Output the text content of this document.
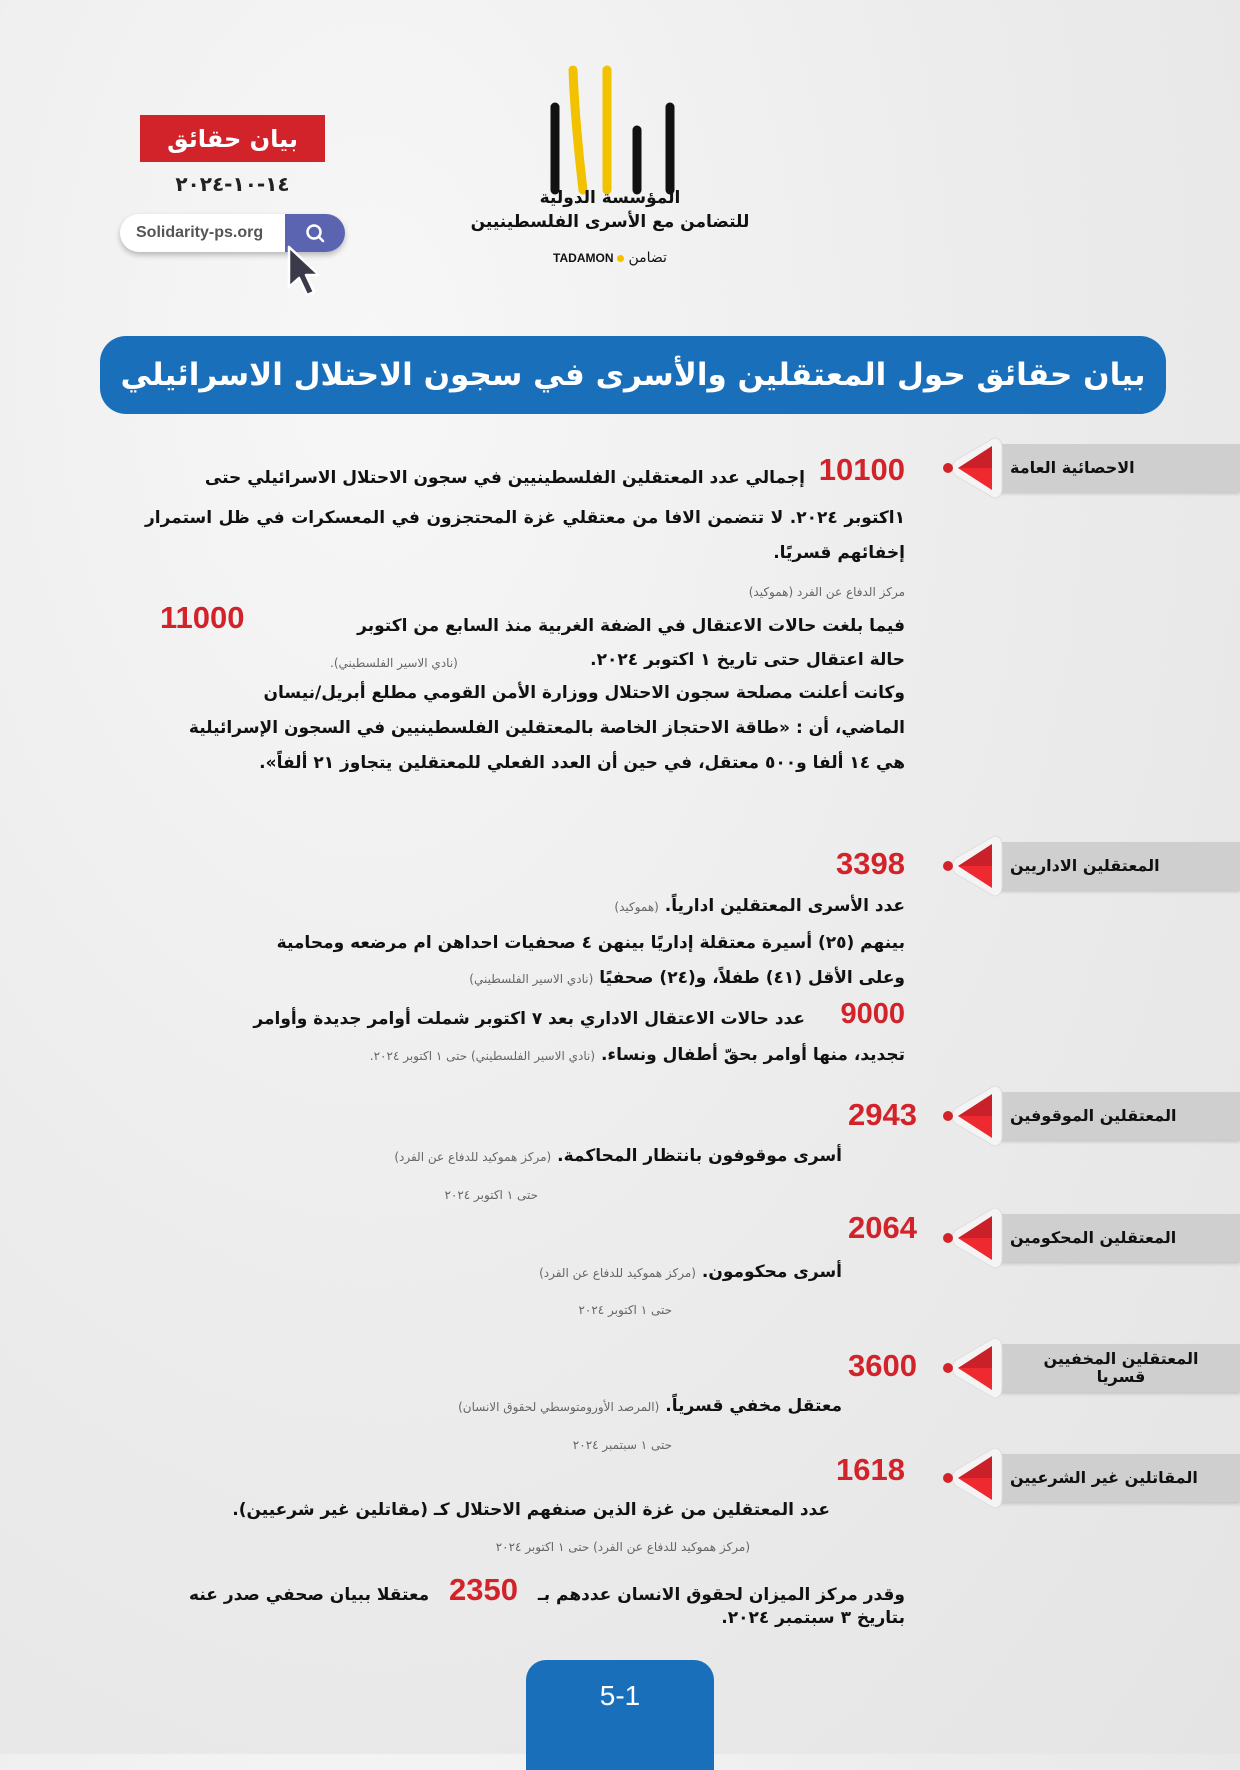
بيان حقائق
١٤-١٠-٢٠٢٤
Solidarity-ps.org
المؤسسة الدولية
للتضامن مع الأسرى الفلسطينيين
TADAMON تضامن
بيان حقائق حول المعتقلين والأسرى في سجون الاحتلال الاسرائيلي
الاحصائية العامة
10100
إجمالي عدد المعتقلين الفلسطينيين في سجون الاحتلال الاسرائيلي حتى
١اكتوبر ٢٠٢٤. لا تتضمن الافا من معتقلي غزة المحتجزون في المعسكرات في ظل استمرار
إخفائهم قسريًا.
مركز الدفاع عن الفرد (هموكيد)
11000	فيما بلغت حالات الاعتقال في الضفة الغربية منذ السابع من اكتوبر
حالة اعتقال حتى تاريخ ١ اكتوبر ٢٠٢٤.
(نادي الاسير الفلسطيني).
وكانت أعلنت مصلحة سجون الاحتلال ووزارة الأمن القومي مطلع أبريل/نيسان
الماضي، أن : «طاقة الاحتجاز الخاصة بالمعتقلين الفلسطينيين في السجون الإسرائيلية
هي ١٤ ألفا و٥٠٠ معتقل، في حين أن العدد الفعلي للمعتقلين يتجاوز ٢١ ألفاً».
المعتقلين الاداريين
3398
عدد الأسرى المعتقلين ادارياً. (هموكيد)
بينهم (٢٥) أسيرة معتقلة إداريًا بينهن ٤ صحفيات احداهن ام مرضعه ومحامية
وعلى الأقل (٤١) طفلاً، و(٢٤) صحفيًا (نادي الاسير الفلسطيني)
9000
عدد حالات الاعتقال الاداري بعد ٧ اكتوبر شملت أوامر جديدة وأوامر
تجديد، منها أوامر بحقّ أطفال ونساء. (نادي الاسير الفلسطيني) حتى ١ اكتوبر ٢٠٢٤.
المعتقلين الموقوفين
2943
أسرى موقوفون بانتظار المحاكمة. (مركز هموكيد للدفاع عن الفرد)
حتى ١ اكتوبر ٢٠٢٤
المعتقلين المحكومين
2064
أسرى محكومون. (مركز هموكيد للدفاع عن الفرد)
حتى ١ اكتوبر ٢٠٢٤
المعتقلين المخفيين
قسريا
3600
معتقل مخفي قسرياً. (المرصد الأورومتوسطي لحقوق الانسان)
حتى ١ سبتمبر ٢٠٢٤
المقاتلين غير الشرعيين
1618
عدد المعتقلين من غزة الذين صنفهم الاحتلال كـ (مقاتلين غير شرعيين).
(مركز هموكيد للدفاع عن الفرد) حتى ١ اكتوبر ٢٠٢٤
وقدر مركز الميزان لحقوق الانسان عددهم بـ 2350 معتقلا ببيان صحفي صدر عنه
بتاريخ ٣ سبتمبر ٢٠٢٤.
5-1
